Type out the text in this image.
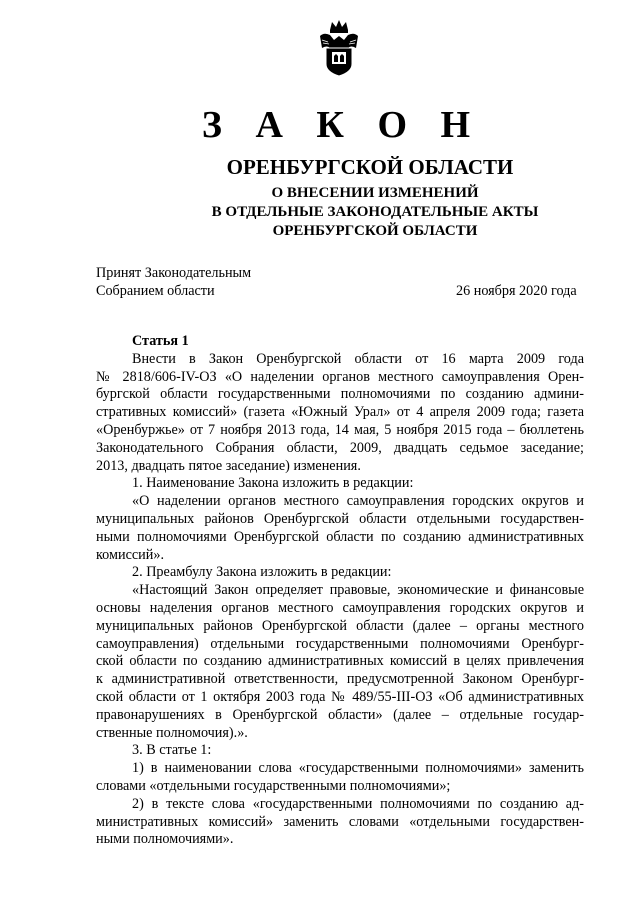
З А К О Н
ОРЕНБУРГСКОЙ ОБЛАСТИ
О ВНЕСЕНИИ ИЗМЕНЕНИЙ
В ОТДЕЛЬНЫЕ ЗАКОНОДАТЕЛЬНЫЕ АКТЫ
ОРЕНБУРГСКОЙ ОБЛАСТИ
Принят Законодательным
Собранием области	26 ноября 2020 года
Статья 1
Внести в Закон Оренбургской области от 16 марта 2009 года
№ 2818/606-IV-ОЗ «О наделении органов местного самоуправления Орен-
бургской области государственными полномочиями по созданию админи-
стративных комиссий» (газета «Южный Урал» от 4 апреля 2009 года; газета
«Оренбуржье» от 7 ноября 2013 года, 14 мая, 5 ноября 2015 года – бюллетень
Законодательного Собрания области, 2009, двадцать седьмое заседание;
2013, двадцать пятое заседание) изменения.
1. Наименование Закона изложить в редакции:
«О наделении органов местного самоуправления городских округов и
муниципальных районов Оренбургской области отдельными государствен-
ными полномочиями Оренбургской области по созданию административных
комиссий».
2. Преамбулу Закона изложить в редакции:
«Настоящий Закон определяет правовые, экономические и финансовые
основы наделения органов местного самоуправления городских округов и
муниципальных районов Оренбургской области (далее – органы местного
самоуправления) отдельными государственными полномочиями Оренбург-
ской области по созданию административных комиссий в целях привлечения
к административной ответственности, предусмотренной Законом Оренбург-
ской области от 1 октября 2003 года № 489/55-III-ОЗ «Об административных
правонарушениях в Оренбургской области» (далее – отдельные государ-
ственные полномочия).».
3. В статье 1:
1) в наименовании слова «государственными полномочиями» заменить
словами «отдельными государственными полномочиями»;
2) в тексте слова «государственными полномочиями по созданию ад-
министративных комиссий» заменить словами «отдельными государствен-
ными полномочиями».
